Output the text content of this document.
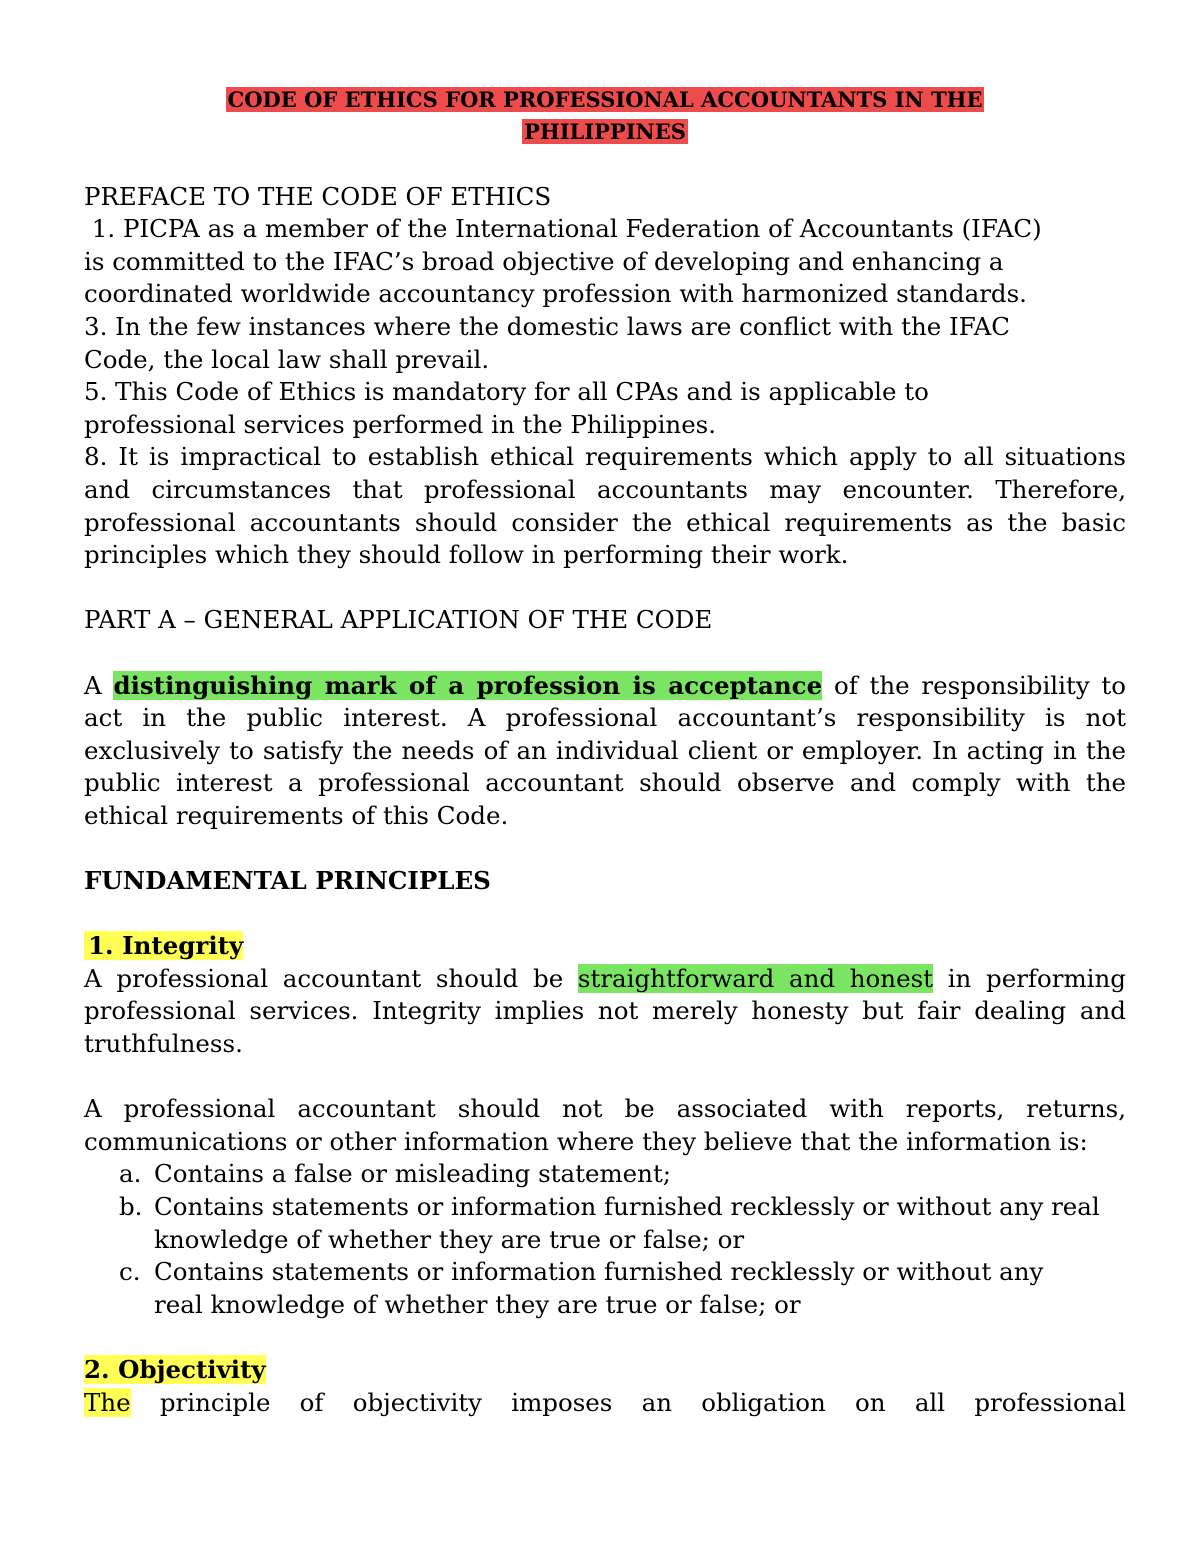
CODE OF ETHICS FOR PROFESSIONAL ACCOUNTANTS IN THE
PHILIPPINES

PREFACE TO THE CODE OF ETHICS

1. PICPA as a member of the International Federation of Accountants (IFAC)

is committed to the IFAC’s broad objective of developing and enhancing a

coordinated worldwide accountancy profession with harmonized standards.

3. In the few instances where the domestic laws are conflict with the IFAC

Code, the local law shall prevail.

5. This Code of Ethics is mandatory for all CPAs and is applicable to

professional services performed in the Philippines.

8. It is impractical to establish ethical requirements which apply to all situations and circumstances that professional accountants may encounter. Therefore, professional accountants should consider the ethical requirements as the basic principles which they should follow in performing their work.

PART A – GENERAL APPLICATION OF THE CODE

A distinguishing mark of a profession is acceptance of the responsibility to act in the public interest. A professional accountant’s responsibility is not exclusively to satisfy the needs of an individual client or employer. In acting in the public interest a professional accountant should observe and comply with the ethical requirements of this Code.

FUNDAMENTAL PRINCIPLES

1. Integrity

A professional accountant should be straightforward and honest in performing professional services. Integrity implies not merely honesty but fair dealing and truthfulness.

A professional accountant should not be associated with reports, returns, communications or other information where they believe that the information is:

a. Contains a false or misleading statement;
b. Contains statements or information furnished recklessly or without any real knowledge of whether they are true or false; or
c. Contains statements or information furnished recklessly or without any real knowledge of whether they are true or false; or

2. Objectivity

The principle of objectivity imposes an obligation on all professional
